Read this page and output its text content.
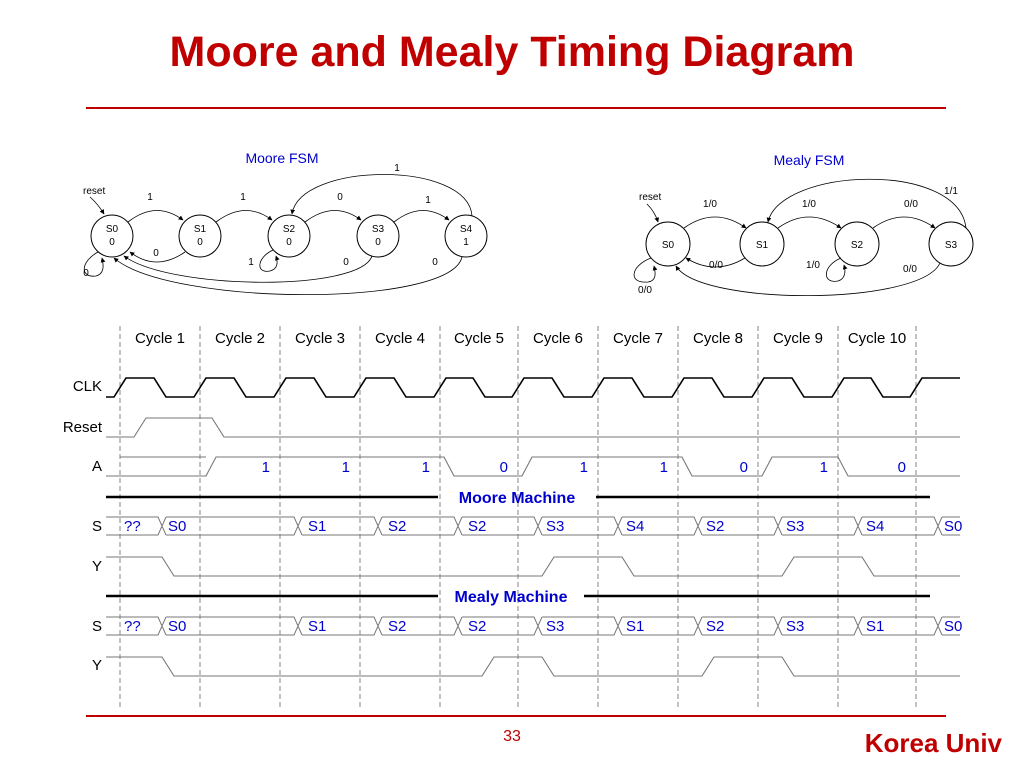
Moore and Mealy Timing Diagram
33	Korea Univ
Moore FSM
reset
S0
0
S1
0
S2
0
S3
0
S4
1
0
1
0
1
1
0
0
1
1
0
Mealy FSM
reset
S0	S1	S2	S3
0/0
1/0
0/0
1/0
1/0
0/0
1/1
0/0
Cycle 1 Cycle 2 Cycle 3 Cycle 4 Cycle 5 Cycle 6 Cycle 7 Cycle 8 Cycle 9 Cycle 10
CLK
Reset
A
S
Y
S
Y
1	1	1	0	1	1	0	1	0
Moore Machine
Mealy Machine
?? S0	S1	S2	S2	S3	S4	S2	S3	S4	S0
?? S0	S1	S2	S2	S3	S1	S2	S3	S1	S0
